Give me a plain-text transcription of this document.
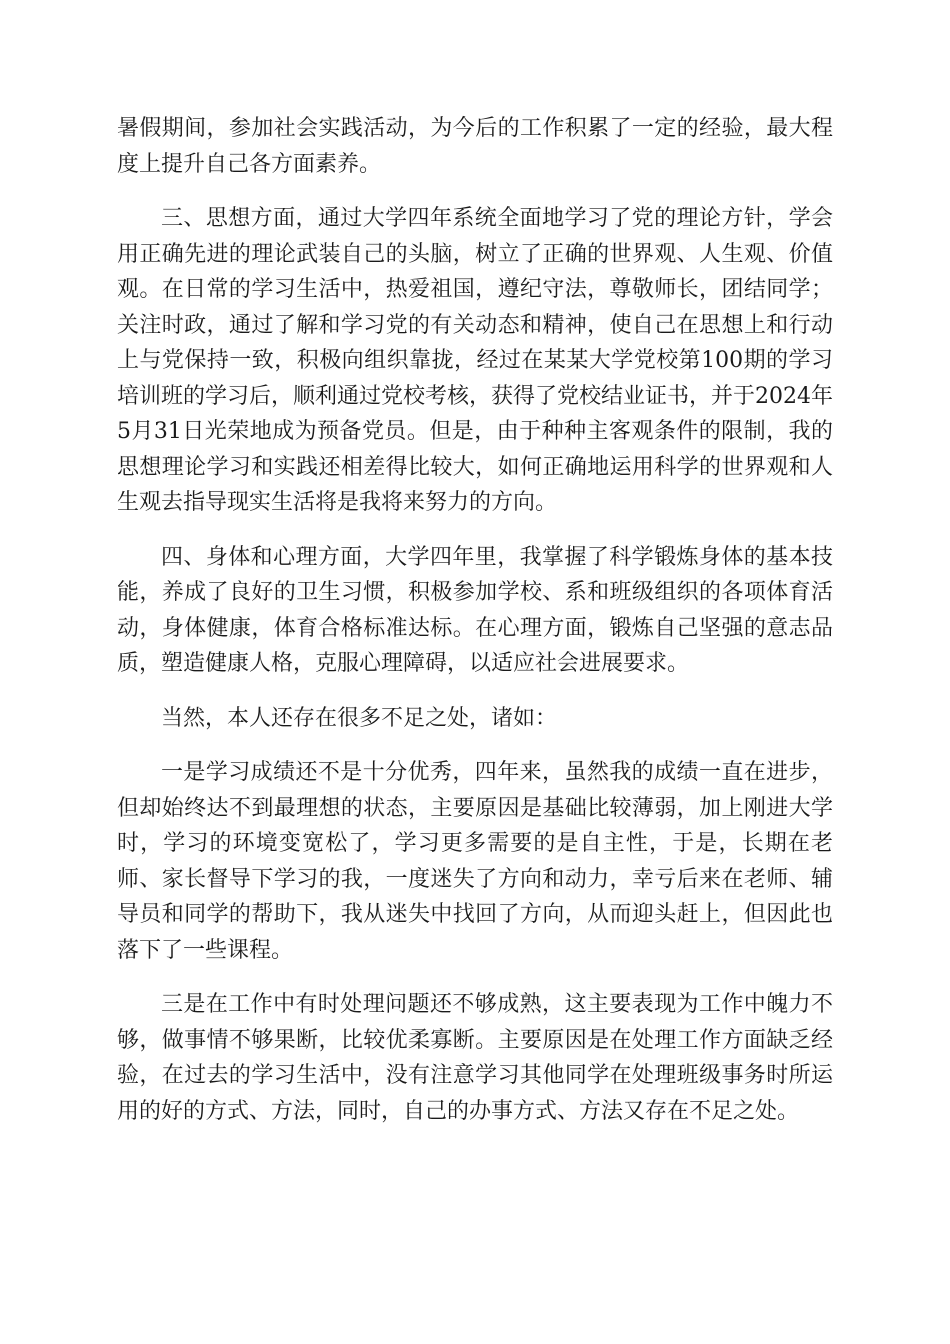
暑假期间，参加社会实践活动，为今后的工作积累了一定的经验，最大程度上提升自己各方面素养。

三、思想方面，通过大学四年系统全面地学习了党的理论方针，学会用正确先进的理论武装自己的头脑，树立了正确的世界观、人生观、价值观。在日常的学习生活中，热爱祖国，遵纪守法，尊敬师长，团结同学；关注时政，通过了解和学习党的有关动态和精神，使自己在思想上和行动上与党保持一致，积极向组织靠拢，经过在某某大学党校第100期的学习培训班的学习后，顺利通过党校考核，获得了党校结业证书，并于2024年5月31日光荣地成为预备党员。但是，由于种种主客观条件的限制，我的思想理论学习和实践还相差得比较大，如何正确地运用科学的世界观和人生观去指导现实生活将是我将来努力的方向。

四、身体和心理方面，大学四年里，我掌握了科学锻炼身体的基本技能，养成了良好的卫生习惯，积极参加学校、系和班级组织的各项体育活动，身体健康，体育合格标准达标。在心理方面，锻炼自己坚强的意志品质，塑造健康人格，克服心理障碍，以适应社会进展要求。

当然，本人还存在很多不足之处，诸如：

一是学习成绩还不是十分优秀，四年来，虽然我的成绩一直在进步，但却始终达不到最理想的状态，主要原因是基础比较薄弱，加上刚进大学时，学习的环境变宽松了，学习更多需要的是自主性，于是，长期在老师、家长督导下学习的我，一度迷失了方向和动力，幸亏后来在老师、辅导员和同学的帮助下，我从迷失中找回了方向，从而迎头赶上，但因此也落下了一些课程。

三是在工作中有时处理问题还不够成熟，这主要表现为工作中魄力不够，做事情不够果断，比较优柔寡断。主要原因是在处理工作方面缺乏经验，在过去的学习生活中，没有注意学习其他同学在处理班级事务时所运用的好的方式、方法，同时，自己的办事方式、方法又存在不足之处。
